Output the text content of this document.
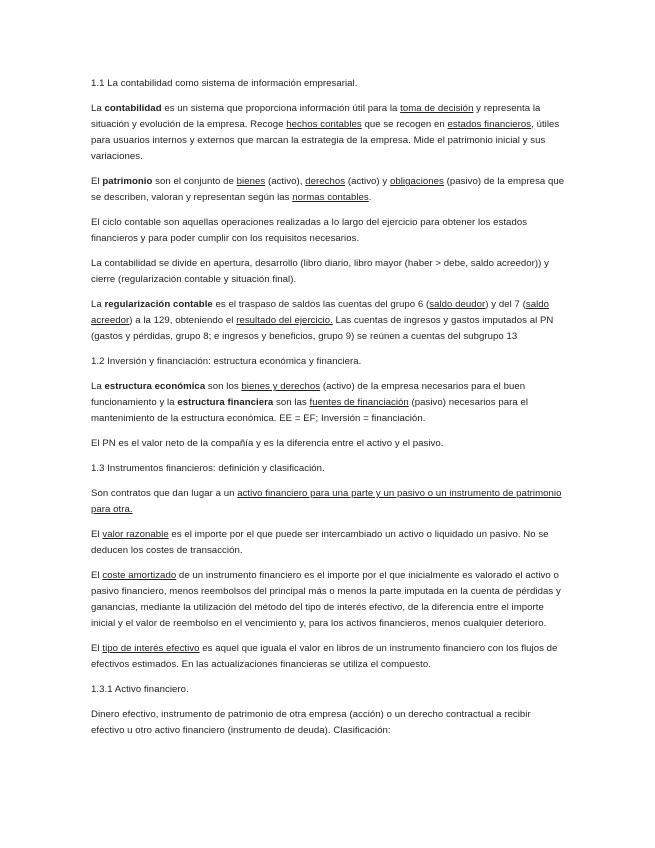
1.1 La contabilidad como sistema de información empresarial.

La contabilidad es un sistema que proporciona información útil para la toma de decisión y representa la situación y evolución de la empresa. Recoge hechos contables que se recogen en estados financieros, útiles para usuarios internos y externos que marcan la estrategia de la empresa. Mide el patrimonio inicial y sus variaciones.

El patrimonio son el conjunto de bienes (activo), derechos (activo) y obligaciones (pasivo) de la empresa que se describen, valoran y representan según las normas contables.

El ciclo contable son aquellas operaciones realizadas a lo largo del ejercicio para obtener los estados financieros y para poder cumplir con los requisitos necesarios.

La contabilidad se divide en apertura, desarrollo (libro diario, libro mayor (haber > debe, saldo acreedor)) y cierre (regularización contable y situación final).

La regularización contable es el traspaso de saldos las cuentas del grupo 6 (saldo deudor) y del 7 (saldo acreedor) a la 129, obteniendo el resultado del ejercicio. Las cuentas de ingresos y gastos imputados al PN (gastos y pérdidas, grupo 8; e ingresos y beneficios, grupo 9) se reúnen a cuentas del subgrupo 13

1.2 Inversión y financiación: estructura económica y financiera.

La estructura económica son los bienes y derechos (activo) de la empresa necesarios para el buen funcionamiento y la estructura financiera son las fuentes de financiación (pasivo) necesarios para el mantenimiento de la estructura económica. EE = EF; Inversión = financiación.

El PN es el valor neto de la compañía y es la diferencia entre el activo y el pasivo.

1.3 Instrumentos financieros: definición y clasificación.

Son contratos que dan lugar a un activo financiero para una parte y un pasivo o un instrumento de patrimonio para otra.

El valor razonable es el importe por el que puede ser intercambiado un activo o liquidado un pasivo. No se deducen los costes de transacción.

El coste amortizado de un instrumento financiero es el importe por el que inicialmente es valorado el activo o pasivo financiero, menos reembolsos del principal más o menos la parte imputada en la cuenta de pérdidas y ganancias, mediante la utilización del método del tipo de interés efectivo, de la diferencia entre el importe inicial y el valor de reembolso en el vencimiento y, para los activos financieros, menos cualquier deterioro.

El tipo de interés efectivo es aquel que iguala el valor en libros de un instrumento financiero con los flujos de efectivos estimados. En las actualizaciones financieras se utiliza el compuesto.

1.3.1 Activo financiero.

Dinero efectivo, instrumento de patrimonio de otra empresa (acción) o un derecho contractual a recibir efectivo u otro activo financiero (instrumento de deuda). Clasificación:
